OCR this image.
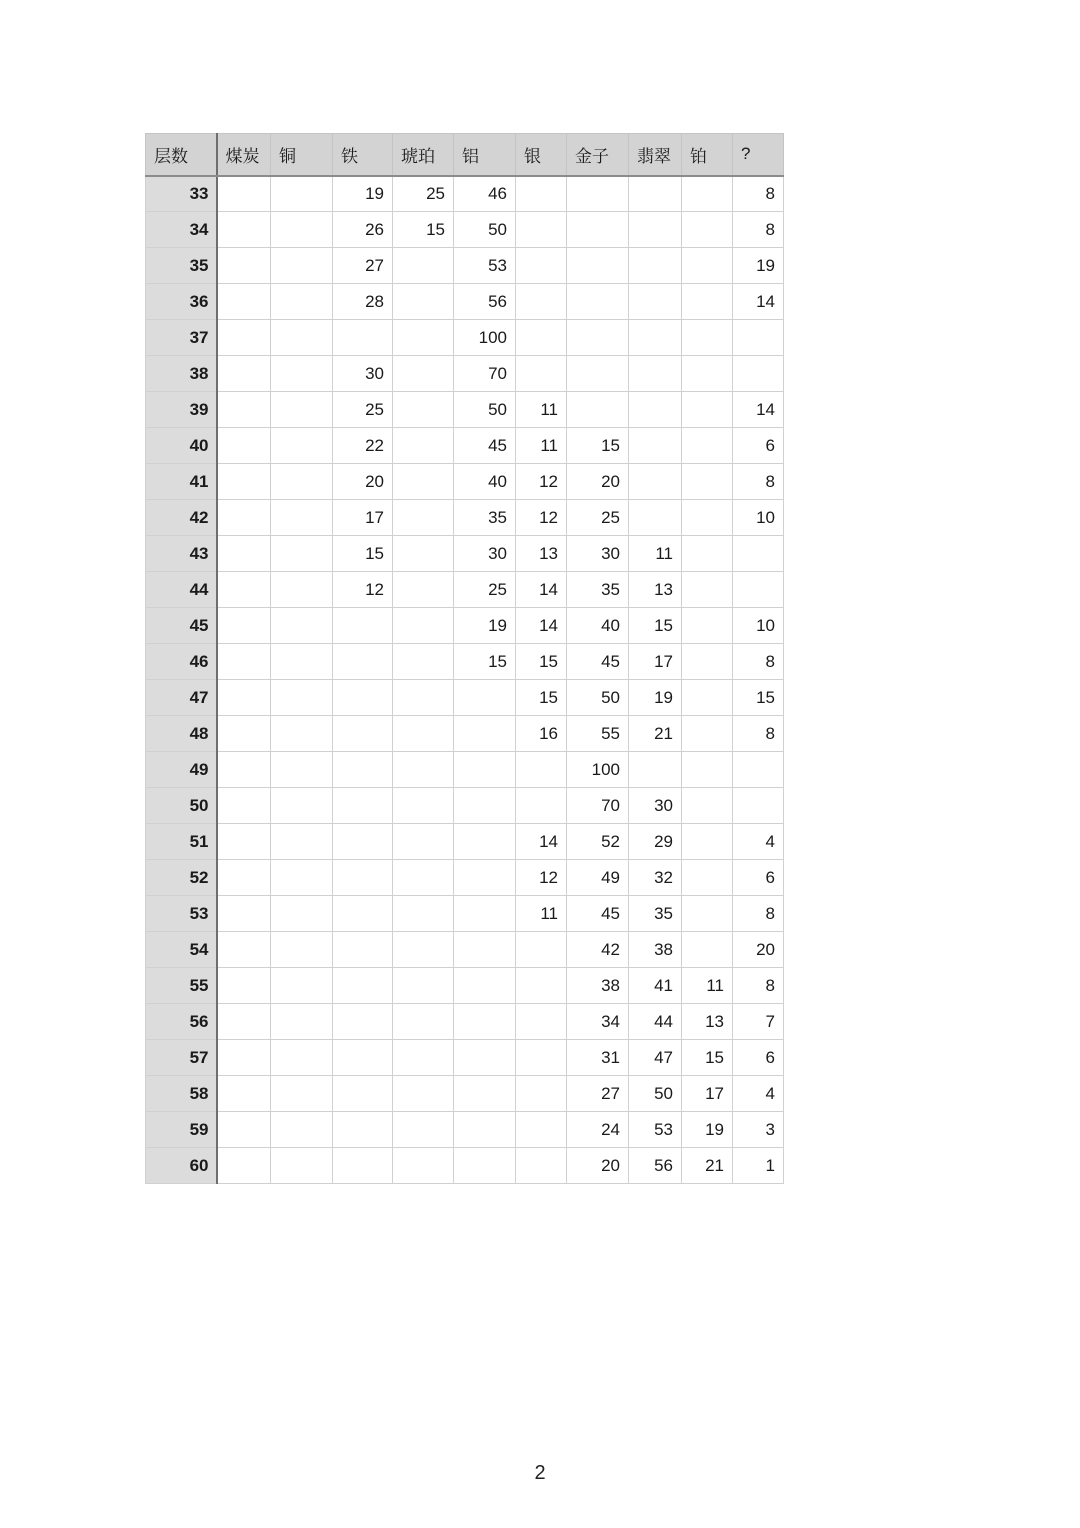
层数	煤炭	铜	铁	琥珀	铝	银	金子	翡翠	铂	?
33			19	25	46					8
34			26	15	50					8
35			27		53					19
36			28		56					14
37					100					
38			30		70					
39			25		50	11				14
40			22		45	11	15			6
41			20		40	12	20			8
42			17		35	12	25			10
43			15		30	13	30	11		
44			12		25	14	35	13		
45					19	14	40	15		10
46					15	15	45	17		8
47						15	50	19		15
48						16	55	21		8
49							100			
50							70	30		
51						14	52	29		4
52						12	49	32		6
53						11	45	35		8
54							42	38		20
55							38	41	11	8
56							34	44	13	7
57							31	47	15	6
58							27	50	17	4
59							24	53	19	3
60							20	56	21	1
2
